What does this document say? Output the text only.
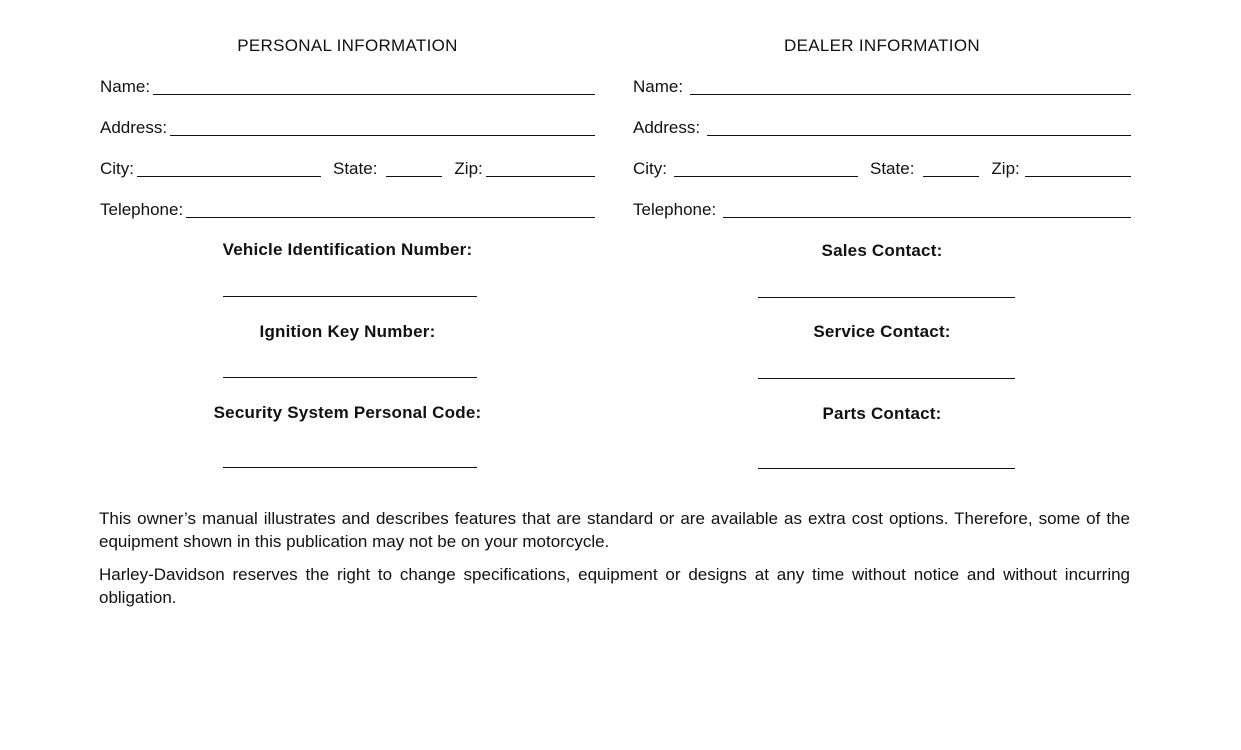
PERSONAL INFORMATION
Name:
Address:
City:	State:	Zip:
Telephone:
Vehicle Identification Number:
Ignition Key Number:
Security System Personal Code:
DEALER INFORMATION
Name:
Address:
City:	State:	Zip:
Telephone:
Sales Contact:
Service Contact:
Parts Contact:
This owner’s manual illustrates and describes features that are standard or are available as extra cost options. Therefore, some of the equipment shown in this publication may not be on your motorcycle.
Harley-Davidson reserves the right to change specifications, equipment or designs at any time without notice and without incurring obligation.
